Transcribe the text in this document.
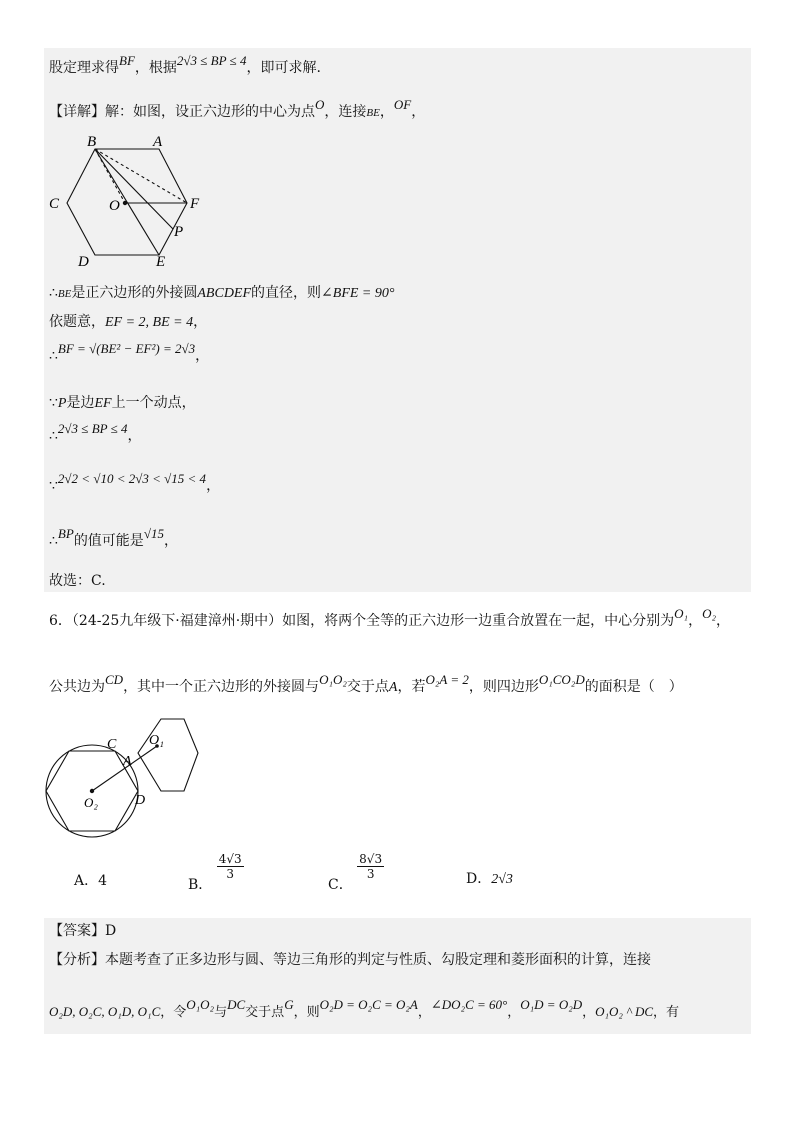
股定理求得BF，根据2√3 ≤ BP ≤ 4，即可求解.
【详解】解：如图，设正六边形的中心为点O，连接BE，OF，
B	A
C	O	F
P
D	E
∴BE是正六边形的外接圆ABCDEF的直径，则∠BFE = 90°
依题意，EF = 2, BE = 4，
∴BF = √(BE² − EF²) = 2√3，
∵P是边EF上一个动点，
∴2√3 ≤ BP ≤ 4，
∵2√2 < √10 < 2√3 < √15 < 4，
∴BP的值可能是√15，
故选：C.
6．（24-25九年级下·福建漳州·期中）如图，将两个全等的正六边形一边重合放置在一起，中心分别为O₁，O₂，
公共边为CD，其中一个正六边形的外接圆与O₁O₂交于点A，若O₂A = 2，则四边形O₁CO₂D的面积是（　）
C O₁
A
O₂	D
A．4	B．
$\frac{4√3}{3}$
C．
$\frac{8√3}{3}$	D．2√3
【答案】D
【分析】本题考查了正多边形与圆、等边三角形的判定与性质、勾股定理和菱形面积的计算，连接
O₂D, O₂C, O₁D, O₁C，令O₁O₂与DC交于点G，则O₂D = O₂C = O₂A，∠DO₂C = 60°，O₁D = O₂D，O₁O₂ ^ DC，有
